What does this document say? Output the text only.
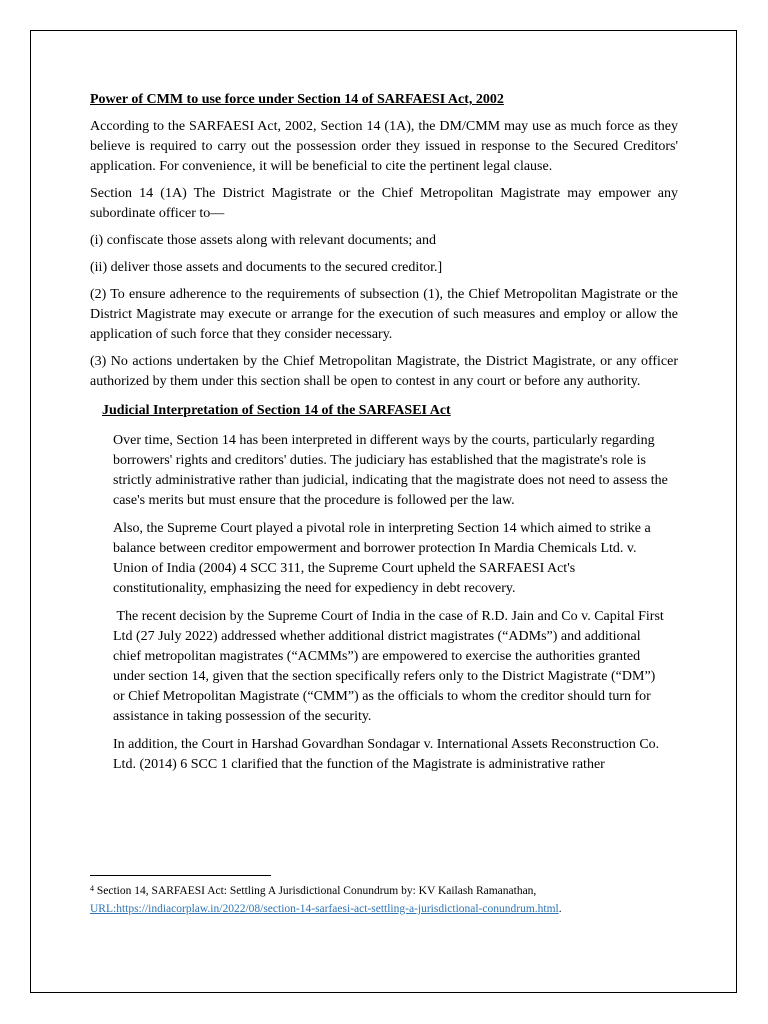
Power of CMM to use force under Section 14 of SARFAESI Act, 2002

According to the SARFAESI Act, 2002, Section 14 (1A), the DM/CMM may use as much force as they believe is required to carry out the possession order they issued in response to the Secured Creditors' application. For convenience, it will be beneficial to cite the pertinent legal clause.

Section 14 (1A) The District Magistrate or the Chief Metropolitan Magistrate may empower any subordinate officer to—

(i) confiscate those assets along with relevant documents; and

(ii) deliver those assets and documents to the secured creditor.]

(2) To ensure adherence to the requirements of subsection (1), the Chief Metropolitan Magistrate or the District Magistrate may execute or arrange for the execution of such measures and employ or allow the application of such force that they consider necessary.

(3) No actions undertaken by the Chief Metropolitan Magistrate, the District Magistrate, or any officer authorized by them under this section shall be open to contest in any court or before any authority.

Judicial Interpretation of Section 14 of the SARFASEI Act

Over time, Section 14 has been interpreted in different ways by the courts, particularly regarding borrowers' rights and creditors' duties. The judiciary has established that the magistrate's role is strictly administrative rather than judicial, indicating that the magistrate does not need to assess the case's merits but must ensure that the procedure is followed per the law.

Also, the Supreme Court played a pivotal role in interpreting Section 14 which aimed to strike a balance between creditor empowerment and borrower protection In Mardia Chemicals Ltd. v. Union of India (2004) 4 SCC 311, the Supreme Court upheld the SARFAESI Act's constitutionality, emphasizing the need for expediency in debt recovery.

The recent decision by the Supreme Court of India in the case of R.D. Jain and Co v. Capital First Ltd (27 July 2022) addressed whether additional district magistrates (“ADMs”) and additional chief metropolitan magistrates (“ACMMs”) are empowered to exercise the authorities granted under section 14, given that the section specifically refers only to the District Magistrate (“DM”) or Chief Metropolitan Magistrate (“CMM”) as the officials to whom the creditor should turn for assistance in taking possession of the security.

In addition, the Court in Harshad Govardhan Sondagar v. International Assets Reconstruction Co. Ltd. (2014) 6 SCC 1 clarified that the function of the Magistrate is administrative rather

$^4$ Section 14, SARFAESI Act: Settling A Jurisdictional Conundrum by: KV Kailash Ramanathan,
URL:https://indiacorplaw.in/2022/08/section-14-sarfaesi-act-settling-a-jurisdictional-conundrum.html.
